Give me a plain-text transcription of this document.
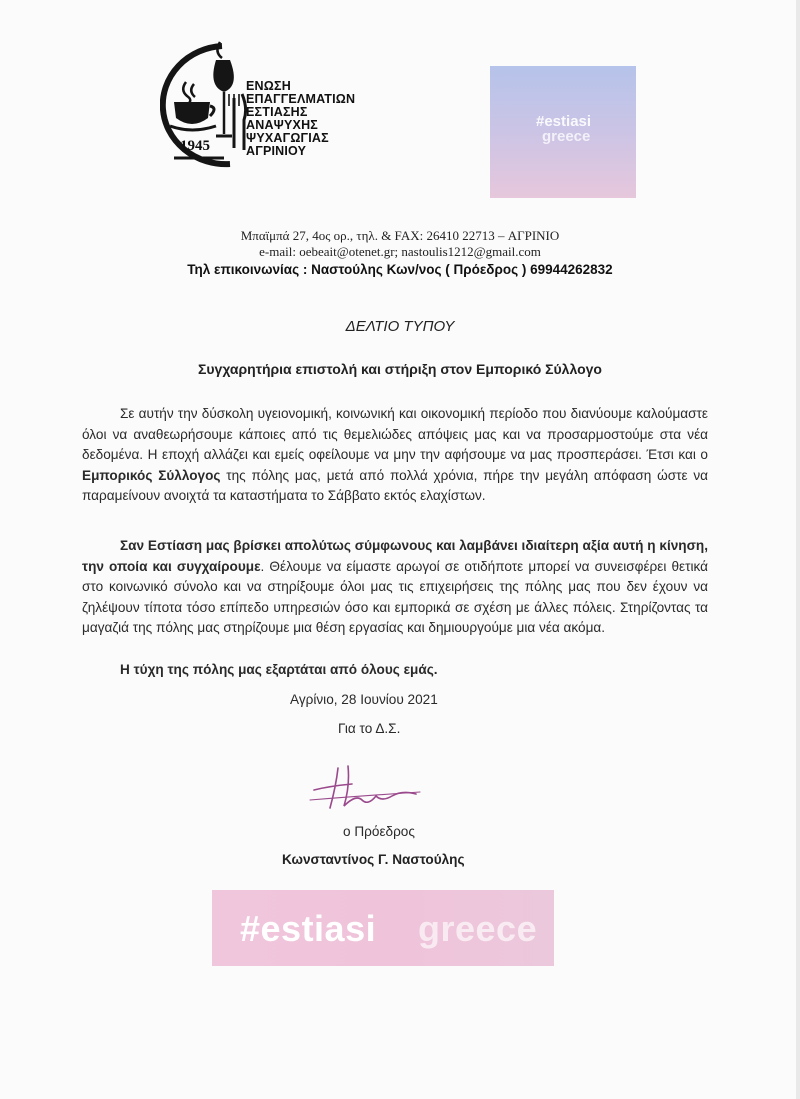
1945
ΕΝΩΣΗ
ΕΠΑΓΓΕΛΜΑΤΙΩΝ
ΕΣΤΙΑΣΗΣ
ΑΝΑΨΥΧΗΣ
ΨΥΧΑΓΩΓΙΑΣ
ΑΓΡΙΝΙΟΥ
#estiasi
greece
Μπαϊμπά 27, 4ος ορ., τηλ. & FAX: 26410 22713 – ΑΓΡΙΝΙΟ
e-mail: oebeait@otenet.gr; nastoulis1212@gmail.com
Τηλ επικοινωνίας : Ναστούλης Κων/νος ( Πρόεδρος ) 69944262832
ΔΕΛΤΙΟ ΤΥΠΟΥ
Συγχαρητήρια επιστολή και στήριξη στον Εμπορικό Σύλλογο
Σε αυτήν την δύσκολη υγειονομική, κοινωνική και οικονομική περίοδο που διανύουμε καλούμαστε όλοι να αναθεωρήσουμε κάποιες από τις θεμελιώδες απόψεις μας και να προσαρμοστούμε στα νέα δεδομένα. Η εποχή αλλάζει και εμείς οφείλουμε να μην την αφήσουμε να μας προσπεράσει. Έτσι και ο Εμπορικός Σύλλογος της πόλης μας, μετά από πολλά χρόνια, πήρε την μεγάλη απόφαση ώστε να παραμείνουν ανοιχτά τα καταστήματα το Σάββατο εκτός ελαχίστων.
Σαν Εστίαση μας βρίσκει απολύτως σύμφωνους και λαμβάνει ιδιαίτερη αξία αυτή η κίνηση, την οποία και συγχαίρουμε. Θέλουμε να είμαστε αρωγοί σε οτιδήποτε μπορεί να συνεισφέρει θετικά στο κοινωνικό σύνολο και να στηρίξουμε όλοι μας τις επιχειρήσεις της πόλης μας που δεν έχουν να ζηλέψουν τίποτα τόσο επίπεδο υπηρεσιών όσο και εμπορικά σε σχέση με άλλες πόλεις. Στηρίζοντας τα μαγαζιά της πόλης μας στηρίζουμε μια θέση εργασίας και δημιουργούμε μια νέα ακόμα.
Η τύχη της πόλης μας εξαρτάται από όλους εμάς.
Αγρίνιο, 28 Ιουνίου 2021
Για το Δ.Σ.
ο Πρόεδρος
Κωνσταντίνος Γ. Ναστούλης
#estiasi greece
